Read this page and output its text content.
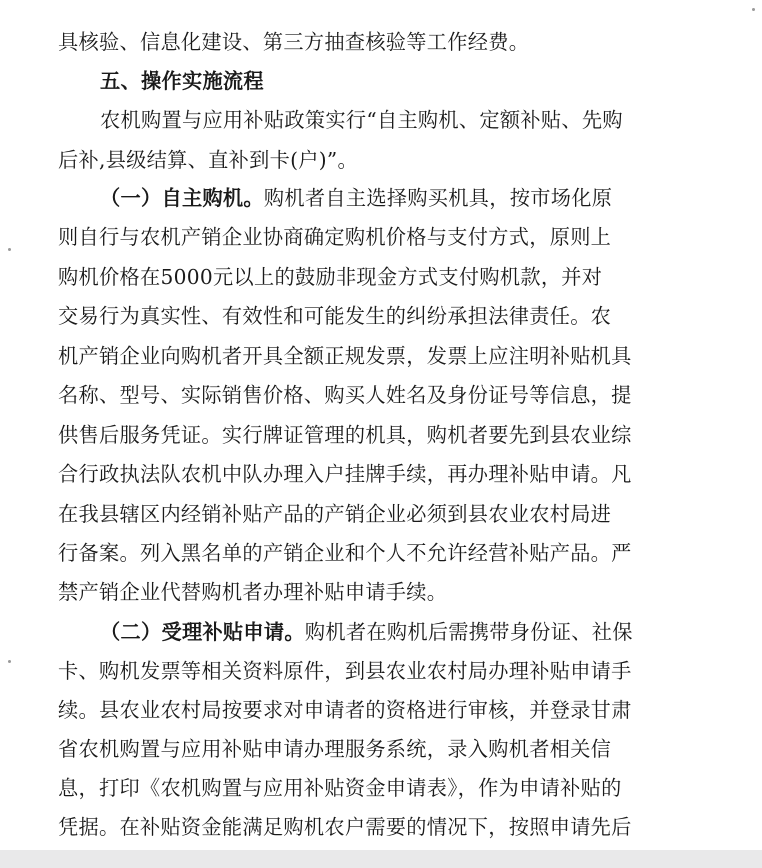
具核验、信息化建设、第三方抽查核验等工作经费。
五、操作实施流程
农机购置与应用补贴政策实行“自主购机、定额补贴、先购
后补,县级结算、直补到卡(户)”。
（一）自主购机。购机者自主选择购买机具，按市场化原
则自行与农机产销企业协商确定购机价格与支付方式，原则上
购机价格在5000元以上的鼓励非现金方式支付购机款，并对
交易行为真实性、有效性和可能发生的纠纷承担法律责任。农
机产销企业向购机者开具全额正规发票，发票上应注明补贴机具
名称、型号、实际销售价格、购买人姓名及身份证号等信息，提
供售后服务凭证。实行牌证管理的机具，购机者要先到县农业综
合行政执法队农机中队办理入户挂牌手续，再办理补贴申请。凡
在我县辖区内经销补贴产品的产销企业必须到县农业农村局进
行备案。列入黑名单的产销企业和个人不允许经营补贴产品。严
禁产销企业代替购机者办理补贴申请手续。
（二）受理补贴申请。购机者在购机后需携带身份证、社保
卡、购机发票等相关资料原件，到县农业农村局办理补贴申请手
续。县农业农村局按要求对申请者的资格进行审核，并登录甘肃
省农机购置与应用补贴申请办理服务系统，录入购机者相关信
息，打印《农机购置与应用补贴资金申请表》，作为申请补贴的
凭据。在补贴资金能满足购机农户需要的情况下，按照申请先后
